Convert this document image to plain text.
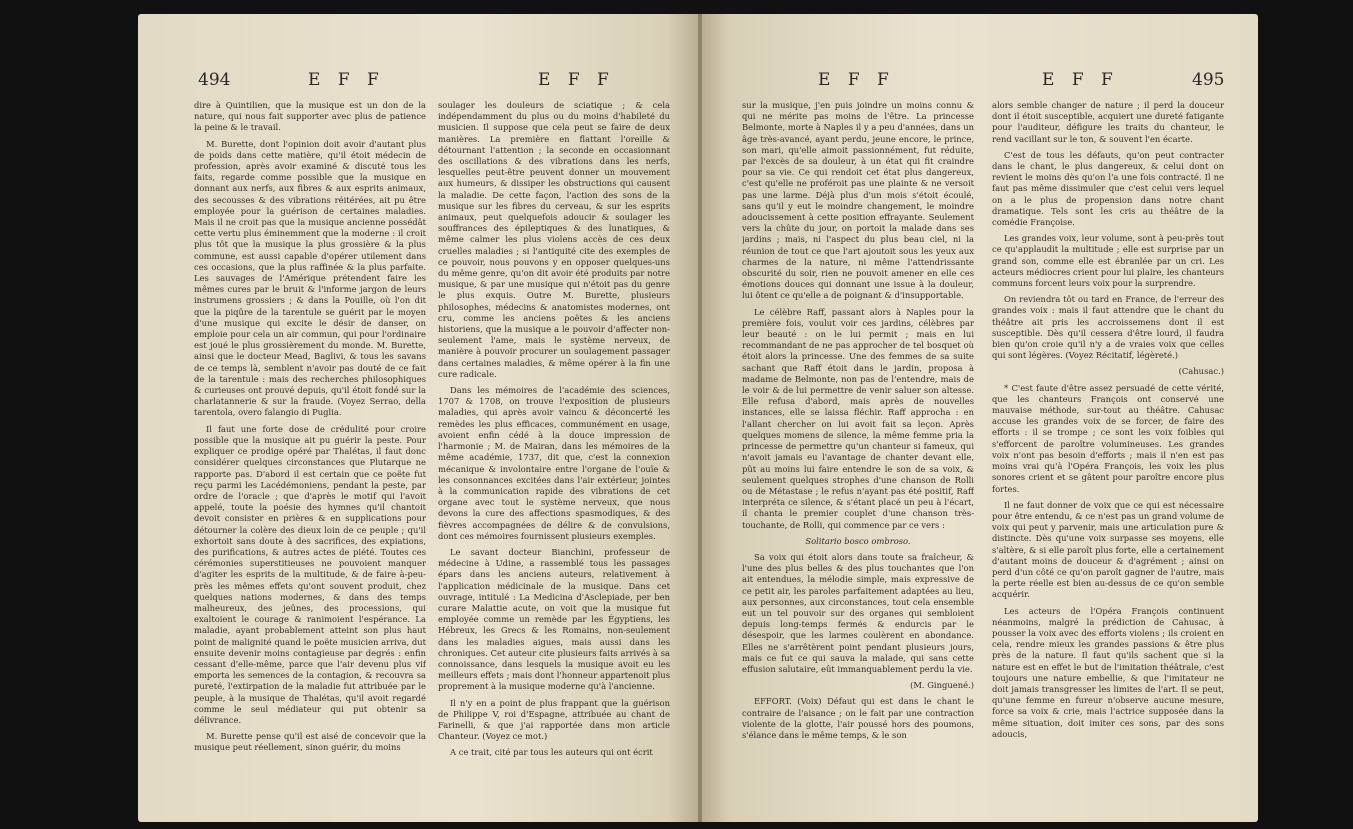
494	E F F	E F F

dire à Quintilien, que la musique est un don de la nature, qui nous fait supporter avec plus de patience la peine & le travail.

M. Burette, dont l'opinion doit avoir d'autant plus de poids dans cette matière, qu'il étoit médecin de profession, après avoir examiné & discuté tous les faits, regarde comme possible que la musique en donnant aux nerfs, aux fibres & aux esprits animaux, des secousses & des vibrations réitérées, ait pu être employée pour la guérison de certaines maladies. Mais il ne croit pas que la musique ancienne possédât cette vertu plus éminemment que la moderne : il croit plus tôt que la musique la plus grossière & la plus commune, est aussi capable d'opérer utilement dans ces occasions, que la plus raffinée & la plus parfaite. Les sauvages de l'Amérique prétendent faire les mêmes cures par le bruit & l'informe jargon de leurs instrumens grossiers ; & dans la Pouille, où l'on dit que la piqûre de la tarentule se guérit par le moyen d'une musique qui excite le désir de danser, on emploie pour cela un air commun, qui pour l'ordinaire est joué le plus grossièrement du monde. M. Burette, ainsi que le docteur Mead, Baglivi, & tous les savans de ce temps là, semblent n'avoir pas douté de ce fait de la tarentule : mais des recherches philosophiques & curieuses ont prouvé depuis, qu'il étoit fondé sur la charlatannerie & sur la fraude. (Voyez Serrao, della tarentola, overo falangio di Puglia.

Il faut une forte dose de crédulité pour croire possible que la musique ait pu guérir la peste. Pour expliquer ce prodige opéré par Thalétas, il faut donc considérer quelques circonstances que Plutarque ne rapporte pas. D'abord il est certain que ce poëte fut reçu parmi les Lacédémoniens, pendant la peste, par ordre de l'oracle ; que d'après le motif qui l'avoit appelé, toute la poésie des hymnes qu'il chantoit devoit consister en prières & en supplications pour détourner la colère des dieux loin de ce peuple ; qu'il exhortoit sans doute à des sacrifices, des expiations, des purifications, & autres actes de piété. Toutes ces cérémonies superstitieuses ne pouvoient manquer d'agiter les esprits de la multitude, & de faire à-peu-près les mêmes effets qu'ont souvent produit, chez quelques nations modernes, & dans des temps malheureux, des jeûnes, des processions, qui exaltoient le courage & ranimoient l'espérance. La maladie, ayant probablement atteint son plus haut point de malignité quand le poëte musicien arriva, dut ensuite devenir moins contagieuse par degrés : enfin cessant d'elle-même, parce que l'air devenu plus vif emporta les semences de la contagion, & recouvra sa pureté, l'extirpation de la maladie fut attribuée par le peuple, à la musique de Thalétas, qu'il avoit regardé comme le seul médiateur qui put obtenir sa délivrance.

M. Burette pense qu'il est aisé de concevoir que la musique peut réellement, sinon guérir, du moins

soulager les douleurs de sciatique ; & cela indépendamment du plus ou du moins d'habileté du musicien. Il suppose que cela peut se faire de deux manières. La première en flattant l'oreille & détournant l'attention ; la seconde en occasionnant des oscillations & des vibrations dans les nerfs, lesquelles peut-être peuvent donner un mouvement aux humeurs, & dissiper les obstructions qui causent la maladie. De cette façon, l'action des sons de la musique sur les fibres du cerveau, & sur les esprits animaux, peut quelquefois adoucir & soulager les souffrances des épileptiques & des lunatiques, & même calmer les plus violens accès de ces deux cruelles maladies ; si l'antiquité cite des exemples de ce pouvoir, nous pouvons y en opposer quelques-uns du même genre, qu'on dit avoir été produits par notre musique, & par une musique qui n'étoit pas du genre le plus exquis. Outre M. Burette, plusieurs philosophes, médecins & anatomistes modernes, ont cru, comme les anciens poëtes & les anciens historiens, que la musique a le pouvoir d'affecter non-seulement l'ame, mais le système nerveux, de manière à pouvoir procurer un soulagement passager dans certaines maladies, & même opérer à la fin une cure radicale.

Dans les mémoires de l'académie des sciences, 1707 & 1708, on trouve l'exposition de plusieurs maladies, qui après avoir vaincu & déconcerté les remèdes les plus efficaces, communément en usage, avoient enfin cédé à la douce impression de l'harmonie ; M. de Mairan, dans les mémoires de la même académie, 1737, dit que, c'est la connexion mécanique & involontaire entre l'organe de l'ouïe & les consonnances excitées dans l'air extérieur, jointes à la communication rapide des vibrations de cet organe avec tout le système nerveux, que nous devons la cure des affections spasmodiques, & des fièvres accompagnées de délire & de convulsions, dont ces mémoires fournissent plusieurs exemples.

Le savant docteur Bianchini, professeur de médecine à Udine, a rassemblé tous les passages épars dans les anciens auteurs, relativement à l'application médicinale de la musique. Dans cet ouvrage, intitulé : La Medicina d'Asclepiade, per ben curare Malattie acute, on voit que la musique fut employée comme un remède par les Égyptiens, les Hébreux, les Grecs & les Romains, non-seulement dans les maladies aigues, mais aussi dans les chroniques. Cet auteur cite plusieurs faits arrivés à sa connoissance, dans lesquels la musique avoit eu les meilleurs effets ; mais dont l'honneur appartenoit plus proprement à la musique moderne qu'à l'ancienne.

Il n'y en a point de plus frappant que la guérison de Philippe V, roi d'Espagne, attribuée au chant de Farinelli, & que j'ai rapportée dans mon article Chanteur. (Voyez ce mot.)

A ce trait, cité par tous les auteurs qui ont écrit

E F F	E F F	495

sur la musique, j'en puis joindre un moins connu & qui ne mérite pas moins de l'être. La princesse Belmonte, morte à Naples il y a peu d'années, dans un âge très-avancé, ayant perdu, jeune encore, le prince, son mari, qu'elle aimoit passionnément, fut réduite, par l'excès de sa douleur, à un état qui fit craindre pour sa vie. Ce qui rendoit cet état plus dangereux, c'est qu'elle ne proféroit pas une plainte & ne versoit pas une larme. Déjà plus d'un mois s'étoit écoulé, sans qu'il y eut le moindre changement, le moindre adoucissement à cette position effrayante. Seulement vers la chûte du jour, on portoit la malade dans ses jardins ; mais, ni l'aspect du plus beau ciel, ni la réunion de tout ce que l'art ajoutoit sous les yeux aux charmes de la nature, ni même l'attendrissante obscurité du soir, rien ne pouvoit amener en elle ces émotions douces qui donnant une issue à la douleur, lui ôtent ce qu'elle a de poignant & d'insupportable.

Le célèbre Raff, passant alors à Naples pour la première fois, voulut voir ces jardins, célèbres par leur beauté : on le lui permit ; mais en lui recommandant de ne pas approcher de tel bosquet où étoit alors la princesse. Une des femmes de sa suite sachant que Raff étoit dans le jardin, proposa à madame de Belmonte, non pas de l'entendre, mais de le voir & de lui permettre de venir saluer son altesse. Elle refusa d'abord, mais après de nouvelles instances, elle se laissa fléchir. Raff approcha : en l'allant chercher on lui avoit fait sa leçon. Après quelques momens de silence, la même femme pria la princesse de permettre qu'un chanteur si fameux, qui n'avoit jamais eu l'avantage de chanter devant elle, pût au moins lui faire entendre le son de sa voix, & seulement quelques strophes d'une chanson de Rolli ou de Métastase ; le refus n'ayant pas été positif, Raff interpréta ce silence, & s'étant placé un peu à l'écart, il chanta le premier couplet d'une chanson très-touchante, de Rolli, qui commence par ce vers :

Solitario bosco ombroso.

Sa voix qui étoit alors dans toute sa fraîcheur, & l'une des plus belles & des plus touchantes que l'on ait entendues, la mélodie simple, mais expressive de ce petit air, les paroles parfaitement adaptées au lieu, aux personnes, aux circonstances, tout cela ensemble eut un tel pouvoir sur des organes qui sembloient depuis long-temps fermés & endurcis par le désespoir, que les larmes coulèrent en abondance. Elles ne s'arrêtèrent point pendant plusieurs jours, mais ce fut ce qui sauva la malade, qui sans cette effusion salutaire, eût immanquablement perdu la vie.

(M. Ginguené.)

EFFORT. (Voix) Défaut qui est dans le chant le contraire de l'aisance ; on le fait par une contraction violente de la glotte, l'air poussé hors des poumons, s'élance dans le même temps, & le son

alors semble changer de nature ; il perd la douceur dont il étoit susceptible, acquiert une dureté fatigante pour l'auditeur, défigure les traits du chanteur, le rend vacillant sur le ton, & souvent l'en écarte.

C'est de tous les défauts, qu'on peut contracter dans le chant, le plus dangereux, & celui dont on revient le moins dès qu'on l'a une fois contracté. Il ne faut pas même dissimuler que c'est celui vers lequel on a le plus de propension dans notre chant dramatique. Tels sont les cris au théâtre de la comédie Françoise.

Les grandes voix, leur volume, sont à peu-près tout ce qu'applaudit la multitude ; elle est surprise par un grand son, comme elle est ébranlée par un cri. Les acteurs médiocres crient pour lui plaire, les chanteurs communs forcent leurs voix pour la surprendre.

On reviendra tôt ou tard en France, de l'erreur des grandes voix : mais il faut attendre que le chant du théâtre ait pris les accroissemens dont il est susceptible. Dès qu'il cessera d'être lourd, il faudra bien qu'on croie qu'il n'y a de vraies voix que celles qui sont légères. (Voyez Récitatif, légèreté.)

(Cahusac.)

* C'est faute d'être assez persuadé de cette vérité, que les chanteurs François ont conservé une mauvaise méthode, sur-tout au théâtre. Cahusac accuse les grandes voix de se forcer, de faire des efforts : il se trompe ; ce sont les voix foibles qui s'efforcent de paroître volumineuses. Les grandes voix n'ont pas besoin d'efforts ; mais il n'en est pas moins vrai qu'à l'Opéra François, les voix les plus sonores crient et se gâtent pour paroître encore plus fortes.

Il ne faut donner de voix que ce qui est nécessaire pour être entendu, & ce n'est pas un grand volume de voix qui peut y parvenir, mais une articulation pure & distincte. Dès qu'une voix surpasse ses moyens, elle s'altère, & si elle paroît plus forte, elle a certainement d'autant moins de douceur & d'agrément ; ainsi on perd d'un côté ce qu'on paroît gagner de l'autre, mais la perte réelle est bien au-dessus de ce qu'on semble acquérir.

Les acteurs de l'Opéra François continuent néanmoins, malgré la prédiction de Cahusac, à pousser la voix avec des efforts violens ; ils croient en cela, rendre mieux les grandes passions & être plus près de la nature. Il faut qu'ils sachent que si la nature est en effet le but de l'imitation théâtrale, c'est toujours une nature embellie, & que l'imitateur ne doit jamais transgresser les limites de l'art. Il se peut, qu'une femme en fureur n'observe aucune mesure, force sa voix & crie, mais l'actrice supposée dans la même situation, doit imiter ces sons, par des sons adoucis,
